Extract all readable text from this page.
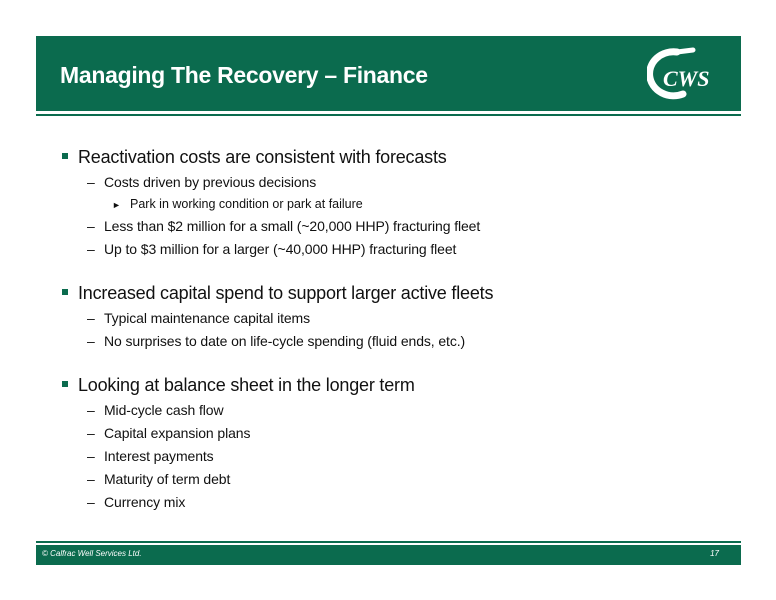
Managing The Recovery – Finance	CWS
Reactivation costs are consistent with forecasts
– Costs driven by previous decisions
► Park in working condition or park at failure
– Less than $2 million for a small (~20,000 HHP) fracturing fleet
– Up to $3 million for a larger (~40,000 HHP) fracturing fleet
Increased capital spend to support larger active fleets
– Typical maintenance capital items
– No surprises to date on life-cycle spending (fluid ends, etc.)
Looking at balance sheet in the longer term
– Mid-cycle cash flow
– Capital expansion plans
– Interest payments
– Maturity of term debt
– Currency mix
© Calfrac Well Services Ltd.	17
